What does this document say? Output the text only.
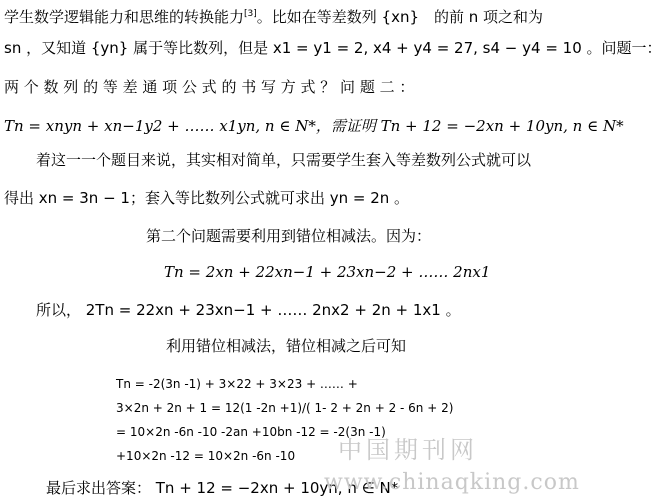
学生数学逻辑能力和思维的转换能力[3]。比如在等差数列 {xn}　的前 n 项之和为
sn ，又知道 {yn} 属于等比数列，但是 x1 = y1 = 2, x4 + y4 = 27, s4 − y4 = 10 。问题一：
两 个 数 列 的 等 差 通 项 公 式 的 书 写 方 式 ？ 问 题 二 ：
Tn = xnyn + xn−1y2 + …… x1yn, n ∈ N*，需证明 Tn + 12 = −2xn + 10yn, n ∈ N*
着这一一个题目来说，其实相对简单，只需要学生套入等差数列公式就可以
得出 xn = 3n − 1；套入等比数列公式就可求出 yn = 2n 。
第二个问题需要利用到错位相减法。因为：
Tn = 2xn + 22xn−1 + 23xn−2 + …… 2nx1
所以， 2Tn = 22xn + 23xn−1 + …… 2nx2 + 2n + 1x1 。
利用错位相减法，错位相减之后可知
Tn = -2(3n -1) + 3×22 + 3×23 + …… +
3×2n + 2n + 1 = 12(1 -2n +1)/( 1- 2 + 2n + 2 - 6n + 2)
= 10×2n -6n -10 -2an +10bn -12 = -2(3n -1)
+10×2n -12 = 10×2n -6n -10
最后求出答案： Tn + 12 = −2xn + 10yn, n ∈ N*
中国期刊网
www.chinaqking.com
